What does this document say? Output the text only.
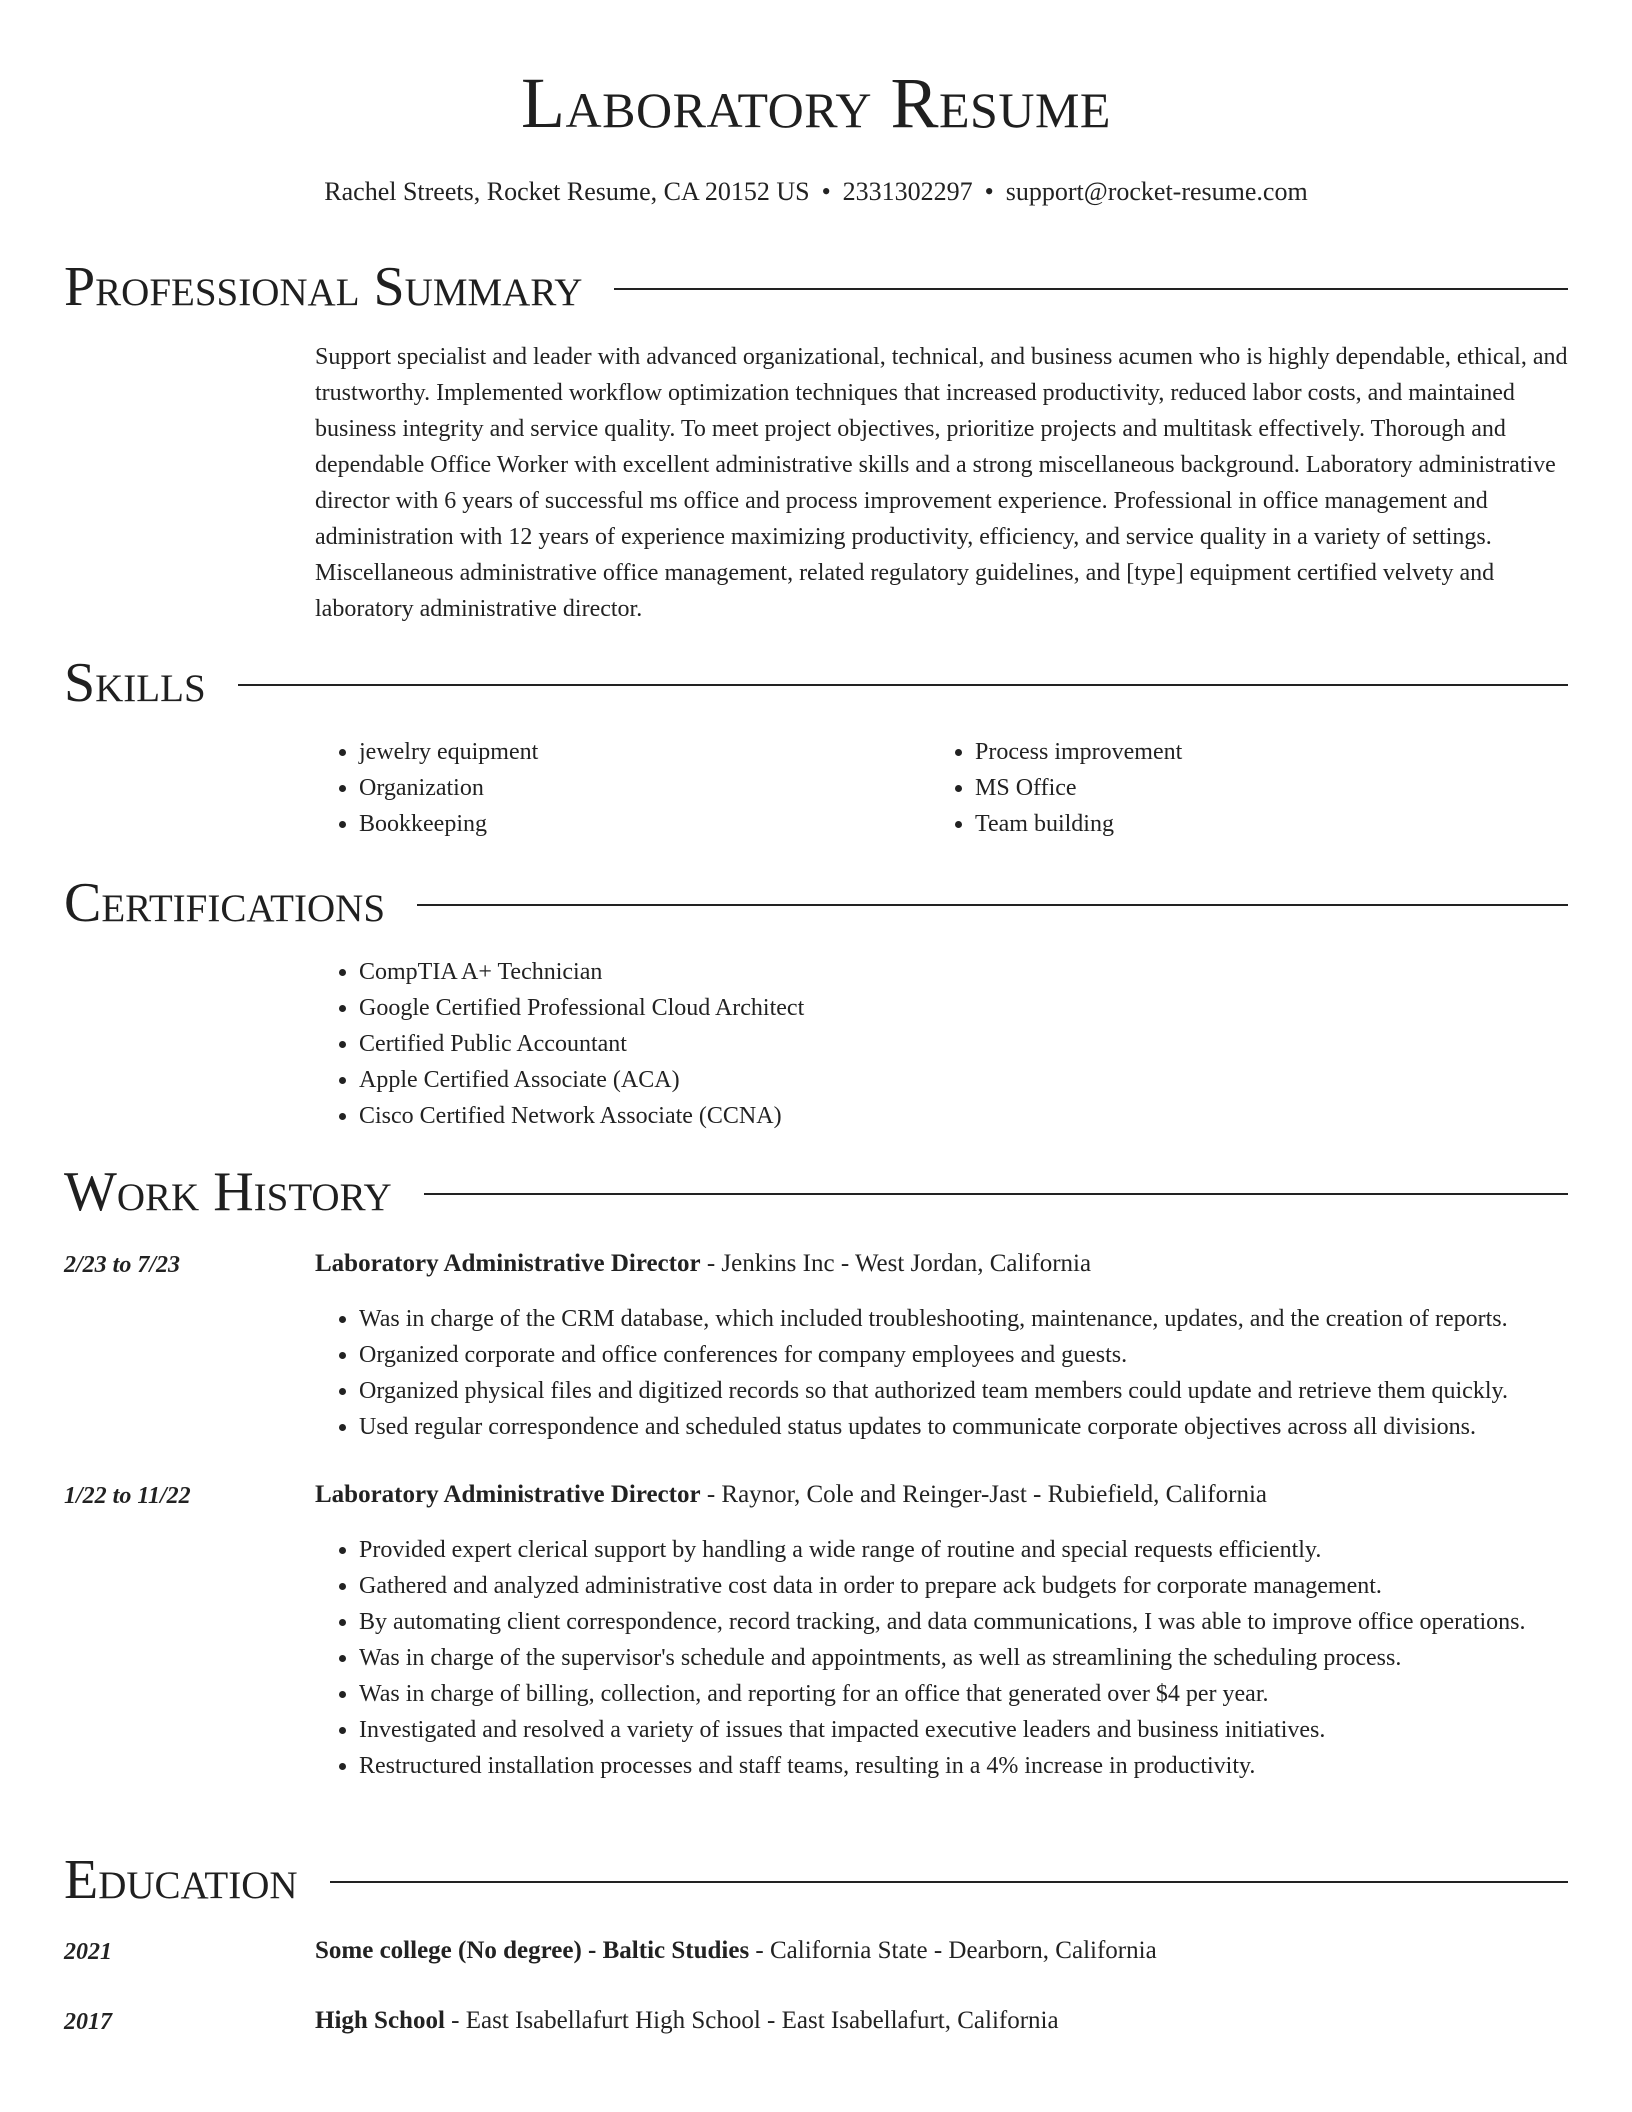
Laboratory Resume
Rachel Streets, Rocket Resume, CA 20152 US • 2331302297 • support@rocket-resume.com
Professional Summary

Support specialist and leader with advanced organizational, technical, and business acumen who is highly dependable, ethical, and trustworthy. Implemented workflow optimization techniques that increased productivity, reduced labor costs, and maintained business integrity and service quality. To meet project objectives, prioritize projects and multitask effectively. Thorough and dependable Office Worker with excellent administrative skills and a strong miscellaneous background. Laboratory administrative director with 6 years of successful ms office and process improvement experience. Professional in office management and administration with 12 years of experience maximizing productivity, efficiency, and service quality in a variety of settings. Miscellaneous administrative office management, related regulatory guidelines, and [type] equipment certified velvety and laboratory administrative director.

Skills
• jewelry equipment
• Organization
• Bookkeeping
• Process improvement
• MS Office
• Team building
Certifications
• CompTIA A+ Technician
• Google Certified Professional Cloud Architect
• Certified Public Accountant
• Apple Certified Associate (ACA)
• Cisco Certified Network Associate (CCNA)
Work History
2/23 to 7/23	Laboratory Administrative Director - Jenkins Inc - West Jordan, California
• Was in charge of the CRM database, which included troubleshooting, maintenance, updates, and the creation of reports.
• Organized corporate and office conferences for company employees and guests.
• Organized physical files and digitized records so that authorized team members could update and retrieve them quickly.
• Used regular correspondence and scheduled status updates to communicate corporate objectives across all divisions.
1/22 to 11/22	Laboratory Administrative Director - Raynor, Cole and Reinger-Jast - Rubiefield, California
• Provided expert clerical support by handling a wide range of routine and special requests efficiently.
• Gathered and analyzed administrative cost data in order to prepare ack budgets for corporate management.
• By automating client correspondence, record tracking, and data communications, I was able to improve office operations.
• Was in charge of the supervisor's schedule and appointments, as well as streamlining the scheduling process.
• Was in charge of billing, collection, and reporting for an office that generated over $4 per year.
• Investigated and resolved a variety of issues that impacted executive leaders and business initiatives.
• Restructured installation processes and staff teams, resulting in a 4% increase in productivity.
Education
2021	Some college (No degree) - Baltic Studies - California State - Dearborn, California
2017	High School - East Isabellafurt High School - East Isabellafurt, California
